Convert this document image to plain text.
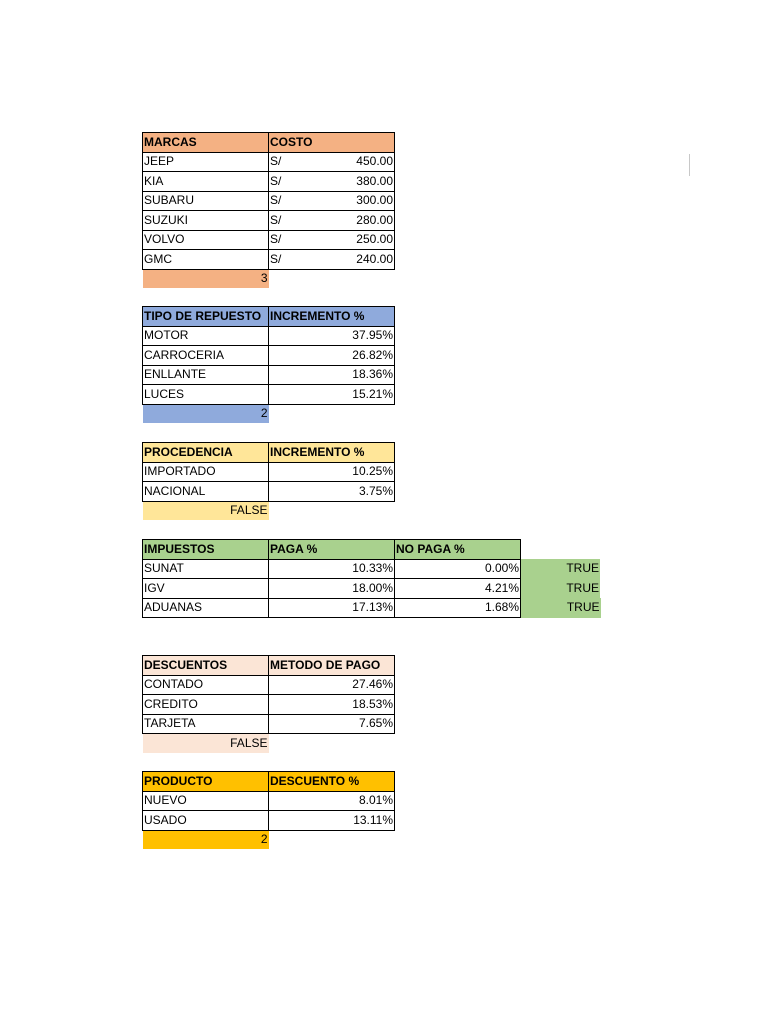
MARCAS	COSTO
JEEP	S/ 450.00

KIA	S/ 380.00

SUBARU	S/ 300.00

SUZUKI	S/ 280.00

VOLVO	S/ 250.00

GMC	S/ 240.00

3	
TIPO DE REPUESTO	INCREMENTO %
MOTOR	37.95%
CARROCERIA	26.82%
ENLLANTE	18.36%
LUCES	15.21%
2	
PROCEDENCIA	INCREMENTO %
IMPORTADO	10.25%
NACIONAL	3.75%
FALSE	
IMPUESTOS	PAGA %	NO PAGA %	
SUNAT	10.33%	0.00%	TRUE
IGV	18.00%	4.21%	TRUE
ADUANAS	17.13%	1.68%	TRUE
DESCUENTOS	METODO DE PAGO
CONTADO	27.46%
CREDITO	18.53%
TARJETA	7.65%
FALSE	
PRODUCTO	DESCUENTO %
NUEVO	8.01%
USADO	13.11%
2	
